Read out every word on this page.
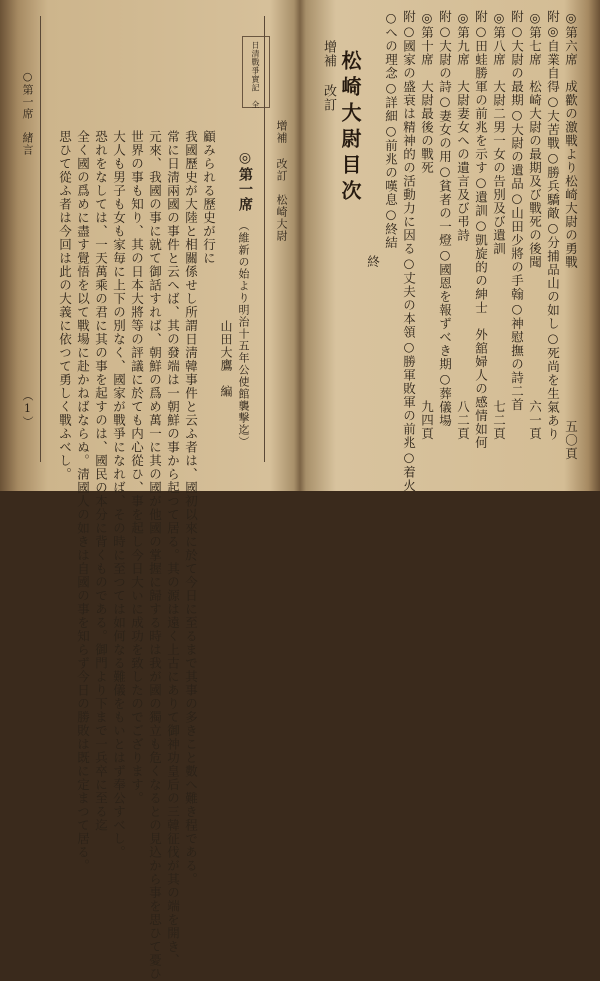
增補 改訂 松崎大尉目次
終	◎第六席　成歡の激戰より松崎大尉の勇戰
五〇頁
附◎自業自得○大苦戰○勝兵驕敵○分捕品山の如し○死尚を生氣あり
◎第七席　松崎大尉の最期及び戰死の後聞
六一頁
附○大尉の最期○大尉の遺品○山田少將の手翰○神慰撫の詩二首
◎第八席　大尉二男一女の告別及び遺訓
七二頁
附○田蛙勝軍の前兆を示す○遺訓○凱旋的の紳士　外舘婦人の感情如何
◎第九席　大尉妻女への遺言及び弔詩
八二頁
附○大尉の詩○妻女の用○貧者の一燈○國恩を報ずべき期○葬儀場
◎第十席　大尉最後の戰死
九四頁
附○國家の盛衰は精神的の活動力に因る○丈夫の本領○勝軍敗軍の前兆○着火
○への理念○詳細○前兆の嘆息○終結
日清戰爭實記　全
增補 改訂　松崎大尉
◎第一席
（維新の始より明治十五年公使館襲撃迄）
山田大鷹　編
顧みられる歷史が行に
我國歷史が大陸と相關係せし所謂日淸韓事件と云ふ者は、國初以來に於て今日に至るまで其事の多きこと數へ難き程である。
常に日淸兩國の事件と云へば、其の發端は一朝鮮の事から起つて居る。其の源は遠く上古にありて御神功皇后の三韓征伐が其の端を開き、
元來、我國の事に就て御話すれば、朝鮮の爲め萬一に其の國が他國の掌握に歸する時は我が國の獨立も危くなるとの見込から事を思ひて憂ひ
世界の事も知り、其の日本大將等の評議に於ても内心從ひ、事を起し今日大いに成功を致したのでござります。
大人も男子も女も家毎に上下の別なく、國家が戰爭になれば、その時に至つては如何なる難儀をもいとはず奉公すべし。
恐れをなしては、一天萬乘の君に其の事を起すのは、國民の本分に背くものである。御門より下まで一兵卒に至る迄
全く國の爲めに盡す覺悟を以て戰場に赴かねばならぬ。淸國人の如きは自國の事を知らず今日の勝敗は既に定まつて居る。
思ひて從ふ者は今回は此の大義に依つて勇しく戰ふべし。
○第一席　緒言
（1）
